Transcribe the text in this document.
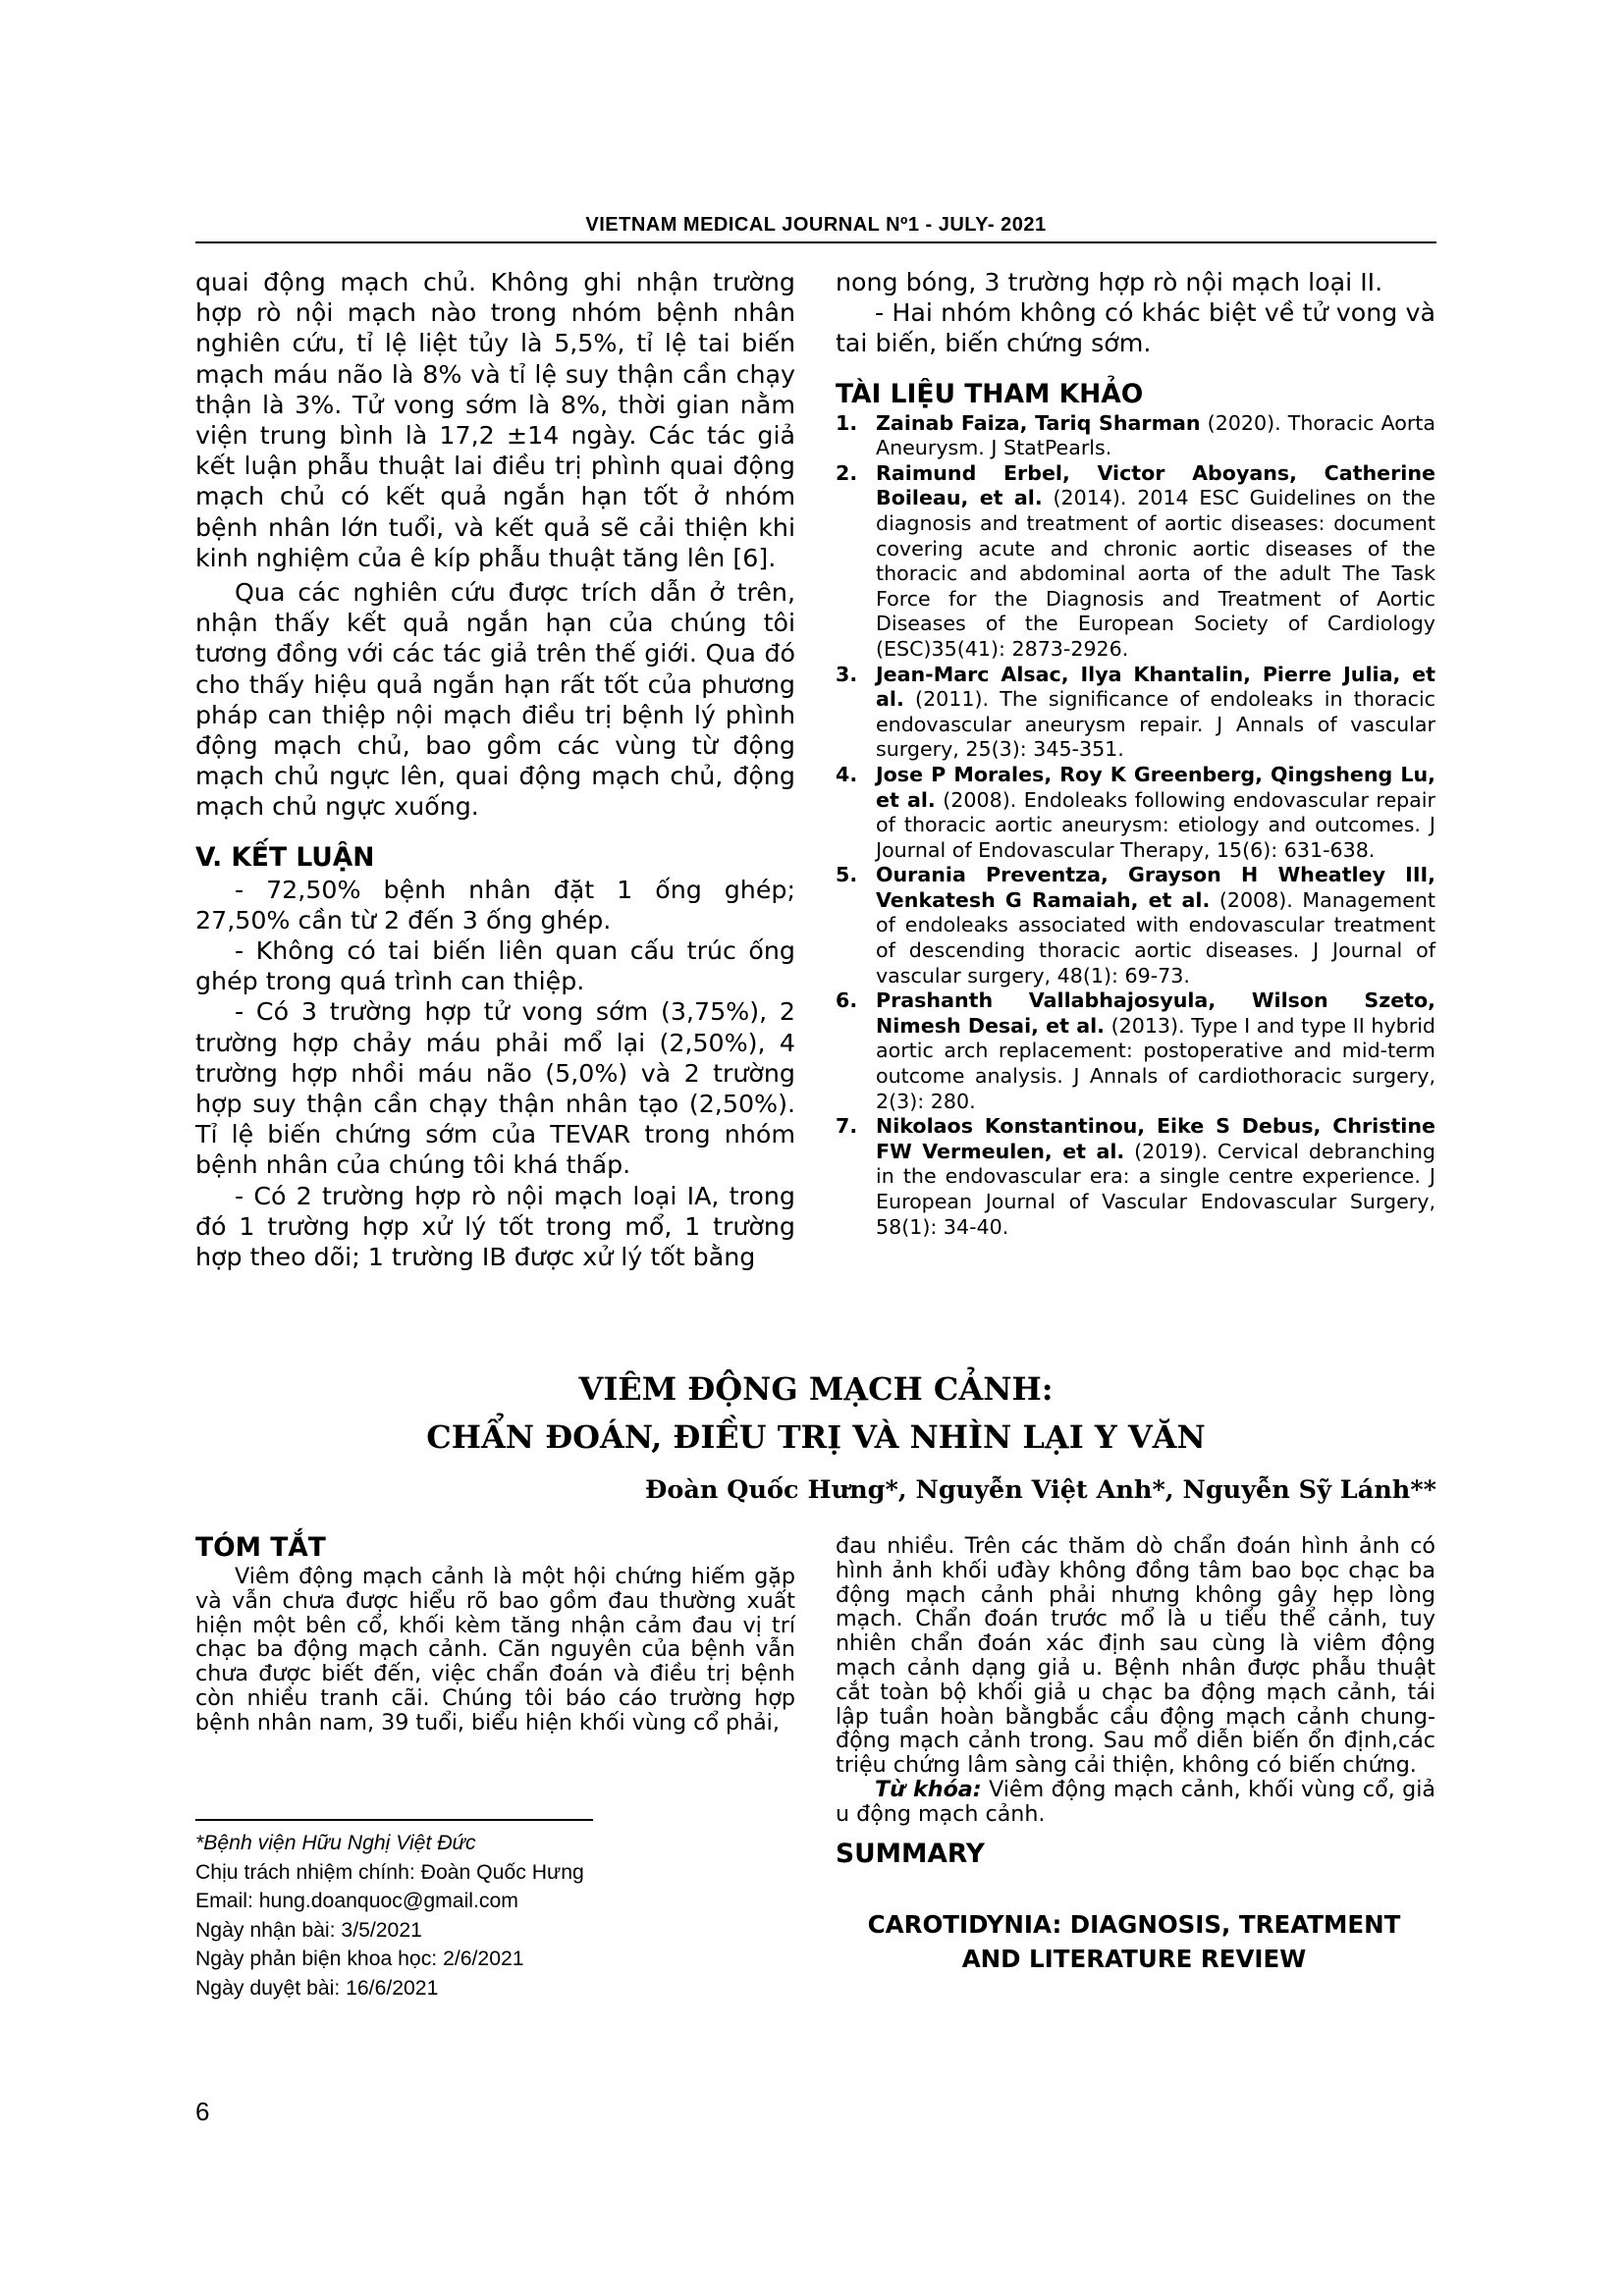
VIETNAM MEDICAL JOURNAL Nº1 - JULY- 2021

quai động mạch chủ. Không ghi nhận trường hợp rò nội mạch nào trong nhóm bệnh nhân nghiên cứu, tỉ lệ liệt tủy là 5,5%, tỉ lệ tai biến mạch máu não là 8% và tỉ lệ suy thận cần chạy thận là 3%. Tử vong sớm là 8%, thời gian nằm viện trung bình là 17,2 ±14 ngày. Các tác giả kết luận phẫu thuật lai điều trị phình quai động mạch chủ có kết quả ngắn hạn tốt ở nhóm bệnh nhân lớn tuổi, và kết quả sẽ cải thiện khi kinh nghiệm của ê kíp phẫu thuật tăng lên [6].

Qua các nghiên cứu được trích dẫn ở trên, nhận thấy kết quả ngắn hạn của chúng tôi tương đồng với các tác giả trên thế giới. Qua đó cho thấy hiệu quả ngắn hạn rất tốt của phương pháp can thiệp nội mạch điều trị bệnh lý phình động mạch chủ, bao gồm các vùng từ động mạch chủ ngực lên, quai động mạch chủ, động mạch chủ ngực xuống.

V. KẾT LUẬN

- 72,50% bệnh nhân đặt 1 ống ghép; 27,50% cần từ 2 đến 3 ống ghép.

- Không có tai biến liên quan cấu trúc ống ghép trong quá trình can thiệp.

- Có 3 trường hợp tử vong sớm (3,75%), 2 trường hợp chảy máu phải mổ lại (2,50%), 4 trường hợp nhồi máu não (5,0%) và 2 trường hợp suy thận cần chạy thận nhân tạo (2,50%). Tỉ lệ biến chứng sớm của TEVAR trong nhóm bệnh nhân của chúng tôi khá thấp.

- Có 2 trường hợp rò nội mạch loại IA, trong đó 1 trường hợp xử lý tốt trong mổ, 1 trường hợp theo dõi; 1 trường IB được xử lý tốt bằng

nong bóng, 3 trường hợp rò nội mạch loại II.

- Hai nhóm không có khác biệt về tử vong và tai biến, biến chứng sớm.

TÀI LIỆU THAM KHẢO

1. Zainab Faiza, Tariq Sharman (2020). Thoracic Aorta Aneurysm. J StatPearls.

2. Raimund Erbel, Victor Aboyans, Catherine Boileau, et al. (2014). 2014 ESC Guidelines on the diagnosis and treatment of aortic diseases: document covering acute and chronic aortic diseases of the thoracic and abdominal aorta of the adult The Task Force for the Diagnosis and Treatment of Aortic Diseases of the European Society of Cardiology (ESC)35(41): 2873-2926.

3. Jean-Marc Alsac, Ilya Khantalin, Pierre Julia, et al. (2011). The significance of endoleaks in thoracic endovascular aneurysm repair. J Annals of vascular surgery, 25(3): 345-351.

4. Jose P Morales, Roy K Greenberg, Qingsheng Lu, et al. (2008). Endoleaks following endovascular repair of thoracic aortic aneurysm: etiology and outcomes. J Journal of Endovascular Therapy, 15(6): 631-638.

5. Ourania Preventza, Grayson H Wheatley III, Venkatesh G Ramaiah, et al. (2008). Management of endoleaks associated with endovascular treatment of descending thoracic aortic diseases. J Journal of vascular surgery, 48(1): 69-73.

6. Prashanth Vallabhajosyula, Wilson Szeto, Nimesh Desai, et al. (2013). Type I and type II hybrid aortic arch replacement: postoperative and mid-term outcome analysis. J Annals of cardiothoracic surgery, 2(3): 280.

7. Nikolaos Konstantinou, Eike S Debus, Christine FW Vermeulen, et al. (2019). Cervical debranching in the endovascular era: a single centre experience. J European Journal of Vascular Endovascular Surgery, 58(1): 34-40.

VIÊM ĐỘNG MẠCH CẢNH:
CHẨN ĐOÁN, ĐIỀU TRỊ VÀ NHÌN LẠI Y VĂN
Đoàn Quốc Hưng*, Nguyễn Việt Anh*, Nguyễn Sỹ Lánh**

TÓM TẮT

Viêm động mạch cảnh là một hội chứng hiếm gặp và vẫn chưa được hiểu rõ bao gồm đau thường xuất hiện một bên cổ, khối kèm tăng nhận cảm đau vị trí chạc ba động mạch cảnh. Căn nguyên của bệnh vẫn chưa được biết đến, việc chẩn đoán và điều trị bệnh còn nhiều tranh cãi. Chúng tôi báo cáo trường hợp bệnh nhân nam, 39 tuổi, biểu hiện khối vùng cổ phải,

*Bệnh viện Hữu Nghị Việt Đức
Chịu trách nhiệm chính: Đoàn Quốc Hưng
Email: hung.doanquoc@gmail.com
Ngày nhận bài: 3/5/2021
Ngày phản biện khoa học: 2/6/2021
Ngày duyệt bài: 16/6/2021

đau nhiều. Trên các thăm dò chẩn đoán hình ảnh có hình ảnh khối uđày không đồng tâm bao bọc chạc ba động mạch cảnh phải nhưng không gây hẹp lòng mạch. Chẩn đoán trước mổ là u tiểu thể cảnh, tuy nhiên chẩn đoán xác định sau cùng là viêm động mạch cảnh dạng giả u. Bệnh nhân được phẫu thuật cắt toàn bộ khối giả u chạc ba động mạch cảnh, tái lập tuần hoàn bằngbắc cầu động mạch cảnh chung-động mạch cảnh trong. Sau mổ diễn biến ổn định,các triệu chứng lâm sàng cải thiện, không có biến chứng.

Từ khóa: Viêm động mạch cảnh, khối vùng cổ, giả u động mạch cảnh.

SUMMARY

CAROTIDYNIA: DIAGNOSIS, TREATMENT
AND LITERATURE REVIEW
6
